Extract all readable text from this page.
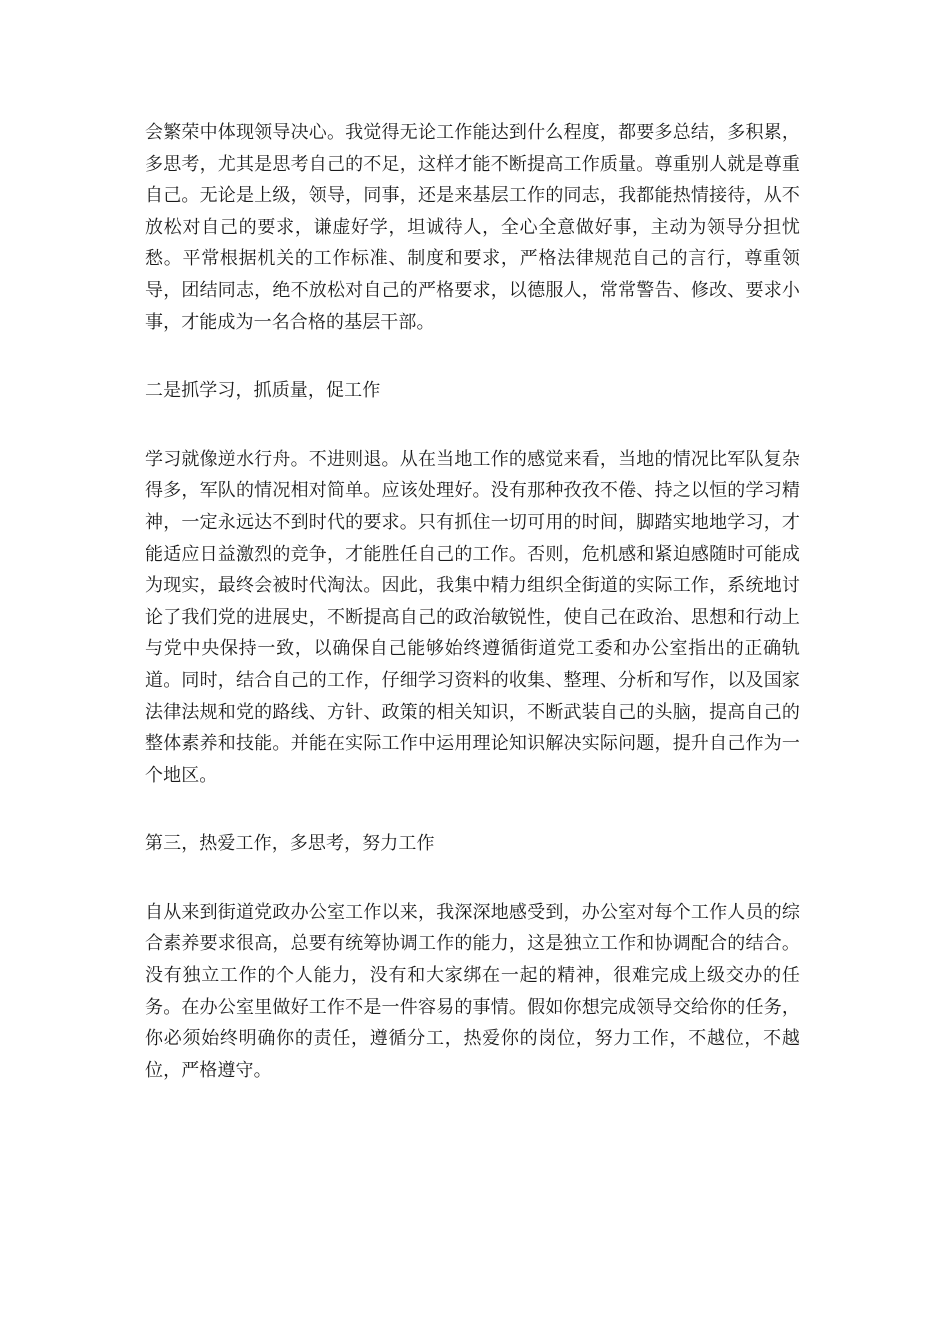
会繁荣中体现领导决心。我觉得无论工作能达到什么程度，都要多总结，多积累，多思考，尤其是思考自己的不足，这样才能不断提高工作质量。尊重别人就是尊重自己。无论是上级，领导，同事，还是来基层工作的同志，我都能热情接待，从不放松对自己的要求，谦虚好学，坦诚待人，全心全意做好事，主动为领导分担忧愁。平常根据机关的工作标准、制度和要求，严格法律规范自己的言行，尊重领导，团结同志，绝不放松对自己的严格要求，以德服人，常常警告、修改、要求小事，才能成为一名合格的基层干部。

二是抓学习，抓质量，促工作

学习就像逆水行舟。不进则退。从在当地工作的感觉来看，当地的情况比军队复杂得多，军队的情况相对简单。应该处理好。没有那种孜孜不倦、持之以恒的学习精神，一定永远达不到时代的要求。只有抓住一切可用的时间，脚踏实地地学习，才能适应日益激烈的竞争，才能胜任自己的工作。否则，危机感和紧迫感随时可能成为现实，最终会被时代淘汰。因此，我集中精力组织全街道的实际工作，系统地讨论了我们党的进展史，不断提高自己的政治敏锐性，使自己在政治、思想和行动上与党中央保持一致，以确保自己能够始终遵循街道党工委和办公室指出的正确轨道。同时，结合自己的工作，仔细学习资料的收集、整理、分析和写作，以及国家法律法规和党的路线、方针、政策的相关知识，不断武装自己的头脑，提高自己的整体素养和技能。并能在实际工作中运用理论知识解决实际问题，提升自己作为一个地区。

第三，热爱工作，多思考，努力工作

自从来到街道党政办公室工作以来，我深深地感受到，办公室对每个工作人员的综合素养要求很高，总要有统筹协调工作的能力，这是独立工作和协调配合的结合。没有独立工作的个人能力，没有和大家绑在一起的精神，很难完成上级交办的任务。在办公室里做好工作不是一件容易的事情。假如你想完成领导交给你的任务，你必须始终明确你的责任，遵循分工，热爱你的岗位，努力工作，不越位，不越位，严格遵守。
